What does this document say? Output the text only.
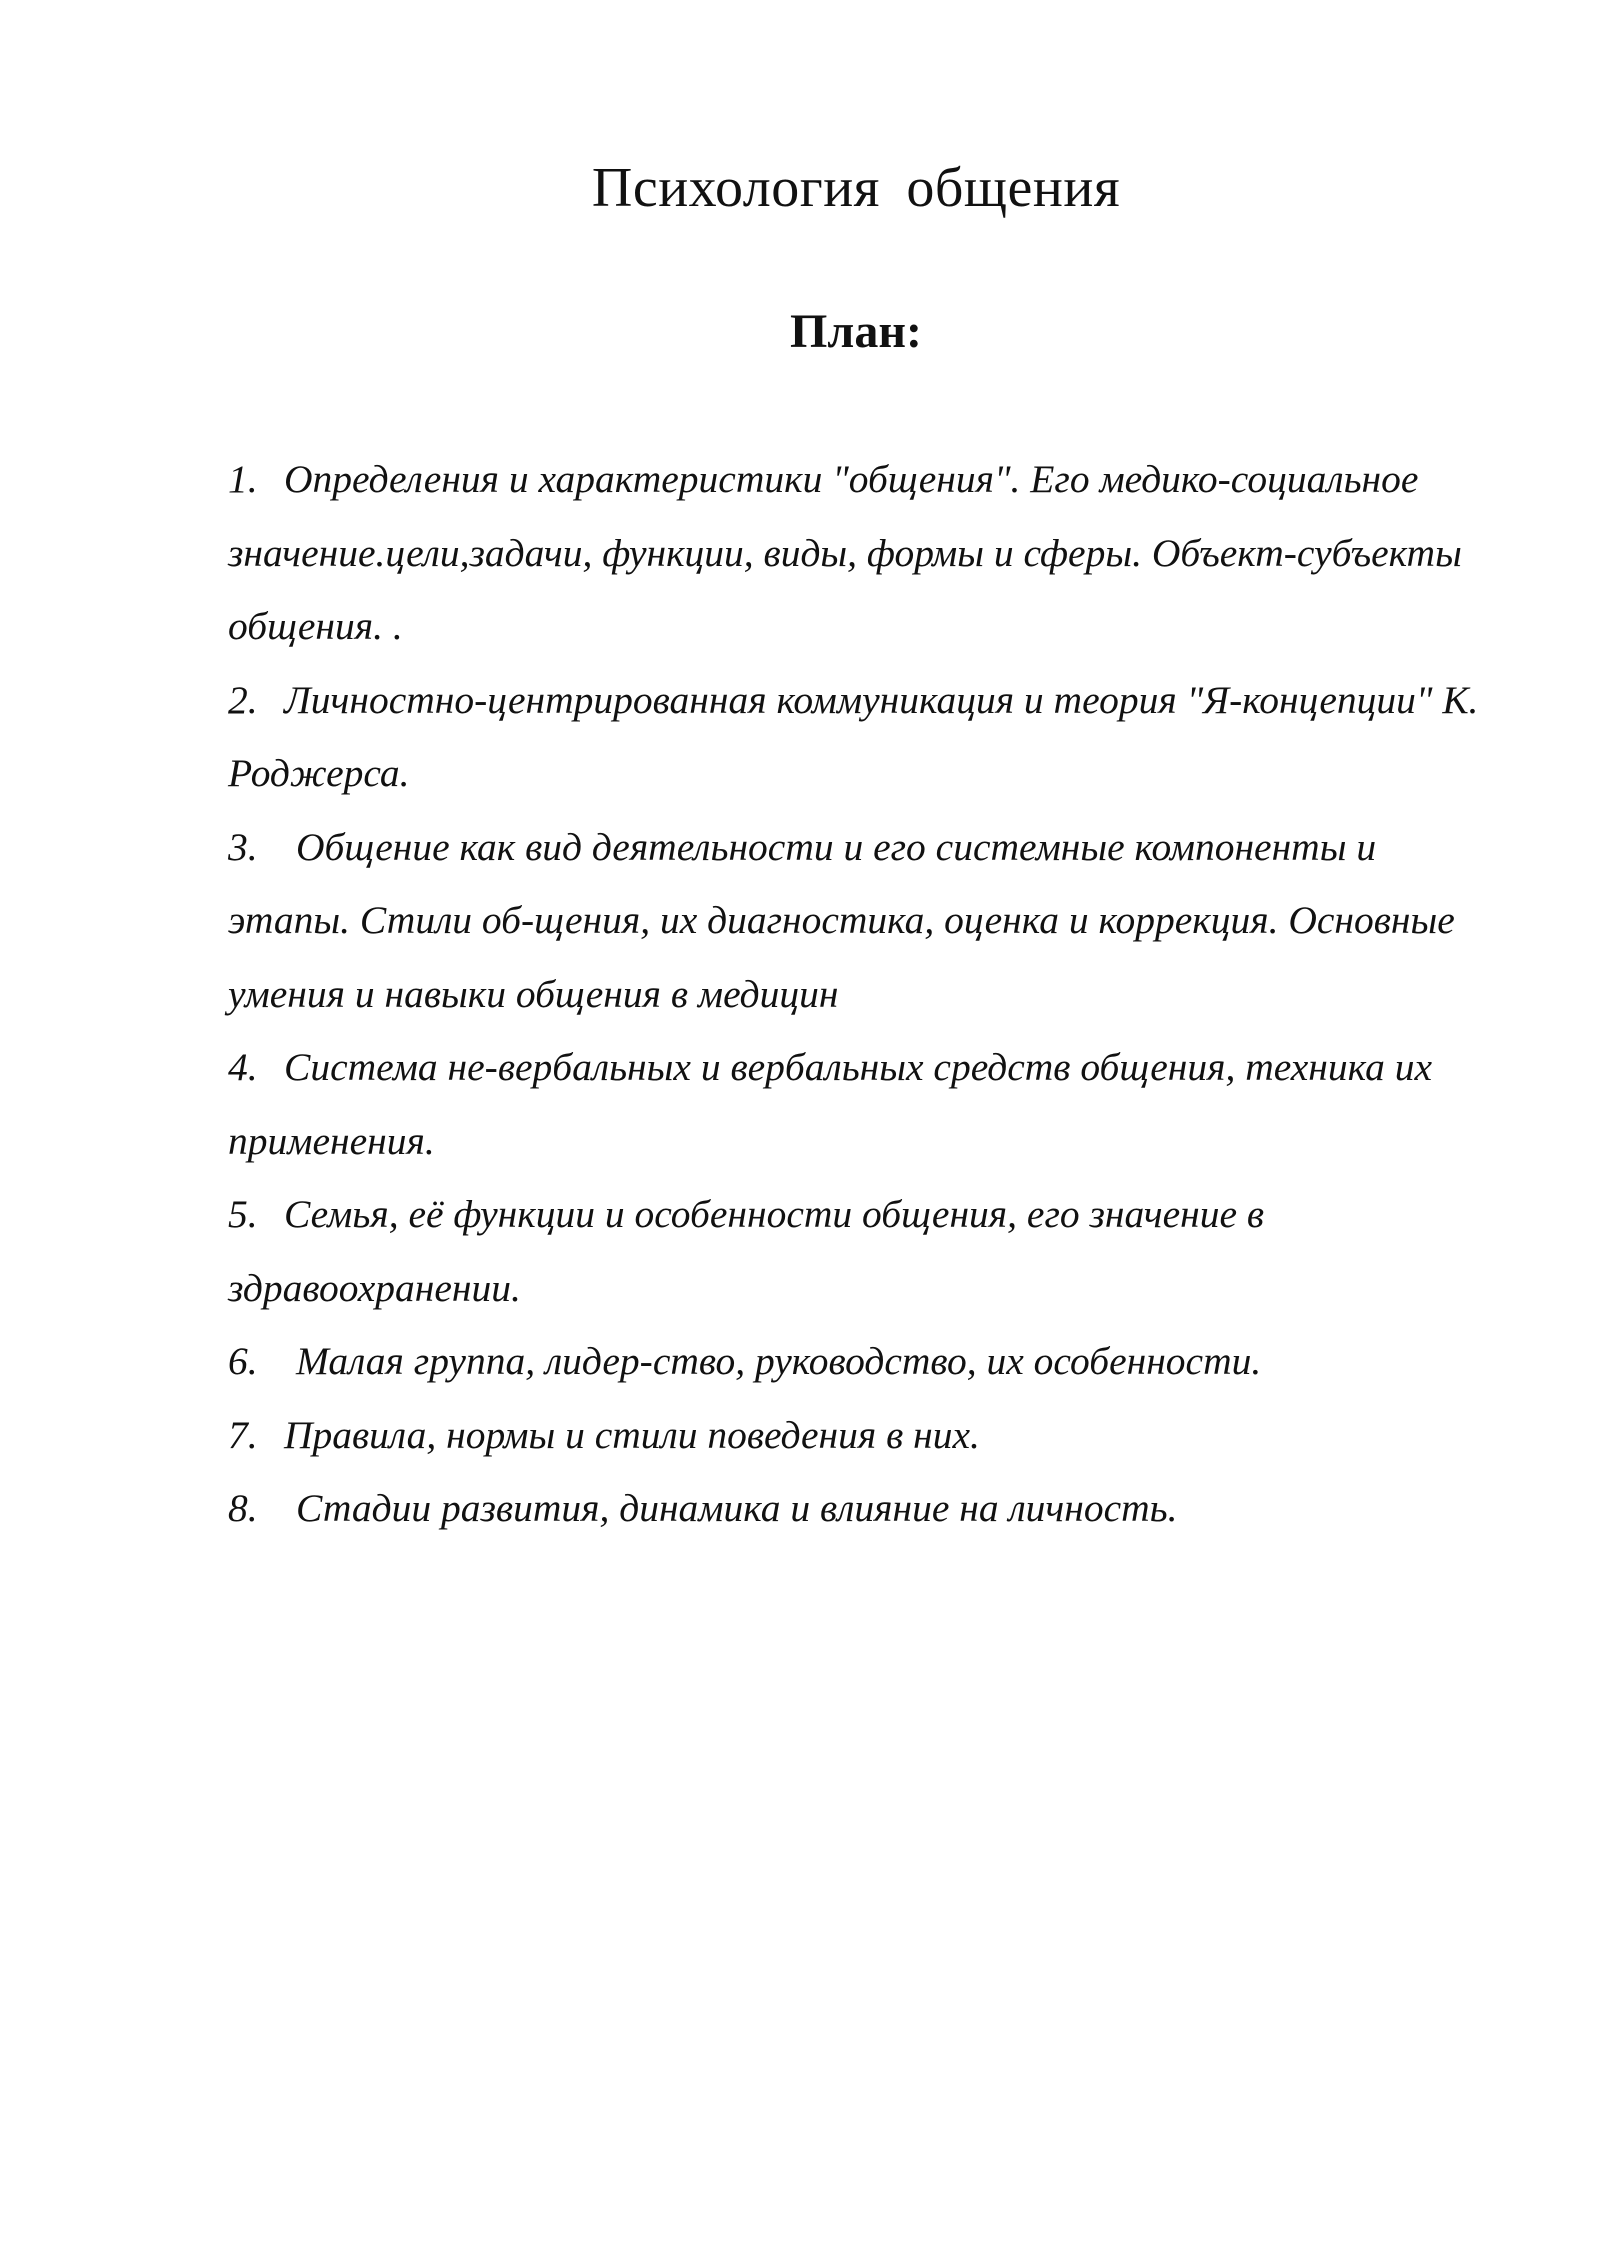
Психология общения
План:
1. Определения и характеристики "общения". Его медико-социальное значение.цели,задачи, функции, виды, формы и сферы. Объект-субъекты общения. .
2. Личностно-центрированная коммуникация и теория "Я-концепции" К. Роджерса.
3. Общение как вид деятельности и его системные компоненты и этапы. Стили об-щения, их диагностика, оценка и коррекция. Основные умения и навыки общения в медицин
4. Система не-вербальных и вербальных средств общения, техника их применения.
5. Семья, её функции и особенности общения, его значение в здравоохранении.
6. Малая группа, лидер-ство, руководство, их особенности.
7. Правила, нормы и стили поведения в них.
8. Стадии развития, динамика и влияние на личность.
